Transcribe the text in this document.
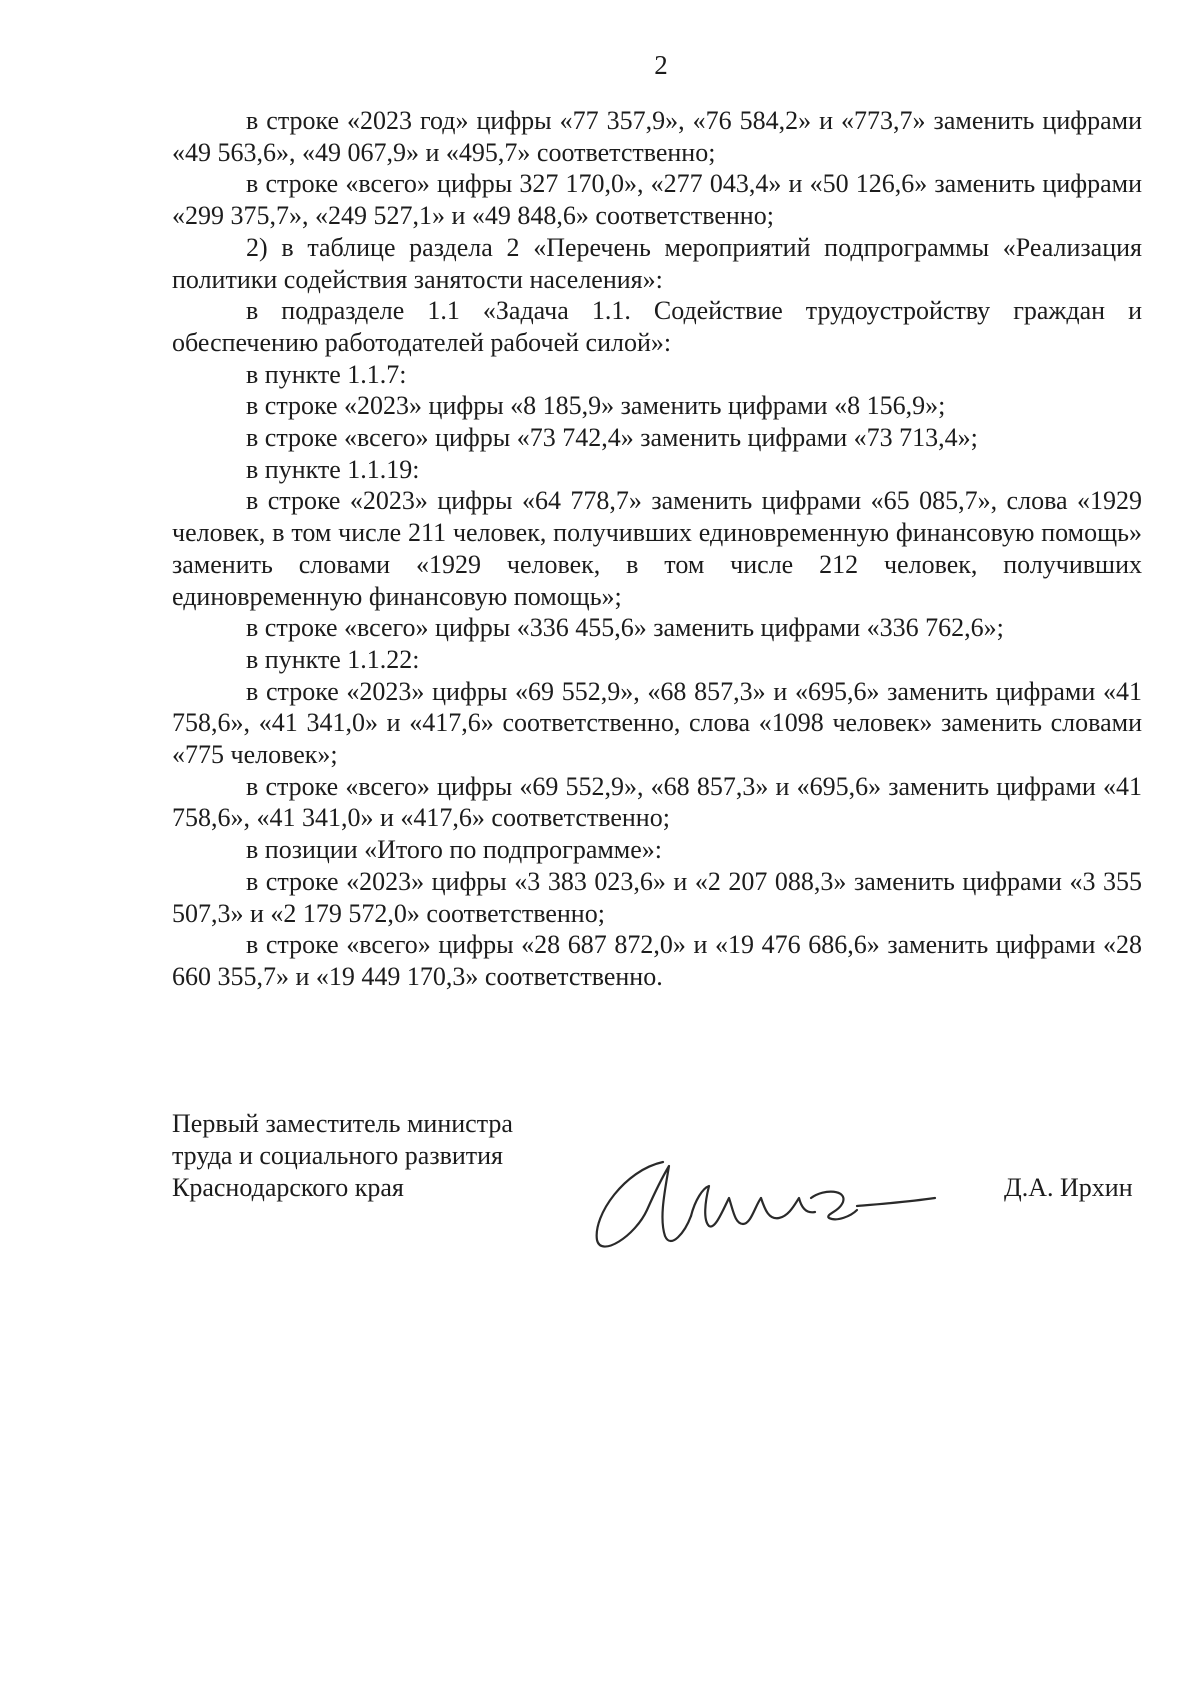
2

в строке «2023 год» цифры «77 357,9», «76 584,2» и «773,7» заменить цифрами «49 563,6», «49 067,9» и «495,7» соответственно;

в строке «всего» цифры 327 170,0», «277 043,4» и «50 126,6» заменить цифрами «299 375,7», «249 527,1» и «49 848,6» соответственно;

2) в таблице раздела 2 «Перечень мероприятий подпрограммы «Реализация политики содействия занятости населения»:

в подразделе 1.1 «Задача 1.1. Содействие трудоустройству граждан и обеспечению работодателей рабочей силой»:

в пункте 1.1.7:

в строке «2023» цифры «8 185,9» заменить цифрами «8 156,9»;

в строке «всего» цифры «73 742,4» заменить цифрами «73 713,4»;

в пункте 1.1.19:

в строке «2023» цифры «64 778,7» заменить цифрами «65 085,7», слова «1929 человек, в том числе 211 человек, получивших единовременную финансовую помощь» заменить словами «1929 человек, в том числе 212 человек, получивших единовременную финансовую помощь»;

в строке «всего» цифры «336 455,6» заменить цифрами «336 762,6»;

в пункте 1.1.22:

в строке «2023» цифры «69 552,9», «68 857,3» и «695,6» заменить цифрами «41 758,6», «41 341,0» и «417,6» соответственно, слова «1098 человек» заменить словами «775 человек»;

в строке «всего» цифры «69 552,9», «68 857,3» и «695,6» заменить цифрами «41 758,6», «41 341,0» и «417,6» соответственно;

в позиции «Итого по подпрограмме»:

в строке «2023» цифры «3 383 023,6» и «2 207 088,3» заменить цифрами «3 355 507,3» и «2 179 572,0» соответственно;

в строке «всего» цифры «28 687 872,0» и «19 476 686,6» заменить цифрами «28 660 355,7» и «19 449 170,3» соответственно.

Первый заместитель министра
труда и социального развития
Краснодарского края	Д.А. Ирхин
